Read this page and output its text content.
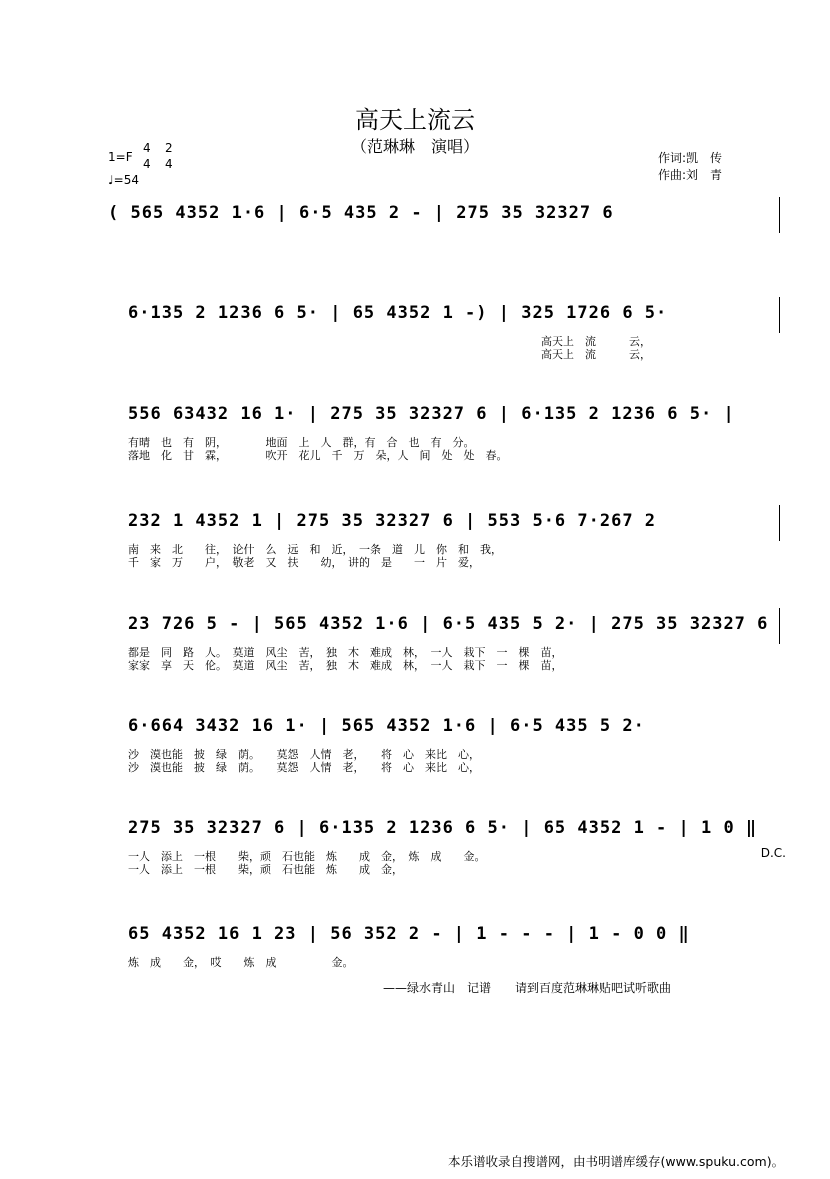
高天上流云
（范琳琳　演唱）
1=F
4
4
2
4
♩=54
作词:凯　传
作曲:刘　青
( 565 4352 1·6 | 6·5 435 2 - | 275 35 32327 6
6·135 2 1236 6 5· | 65 4352 1 -) | 325 1726 6 5·
高天上　流　　　云，
高天上　流　　　云，
556 63432 16 1· | 275 35 32327 6 | 6·135 2 1236 6 5· |
有晴　也　有　阴，　　　　地面　上　人　群，有　合　也　有　分。
落地　化　甘　霖，　　　　吹开　花儿　千　万　朵，人　间　处　处　春。
232 1 4352 1 | 275 35 32327 6 | 553 5·6 7·267 2
南　来　北　　往，　论什　么　远　和　近，　一条　道　儿　你　和　我，
千　家　万　　户，　敬老　又　扶　　幼，　讲的　是　　一　片　爱，
23 726 5 - | 565 4352 1·6 | 6·5 435 5 2· | 275 35 32327 6
都是　同　路　人。　莫道　风尘　苦，　独　木　难成　林，　一人　栽下　一　棵　苗，
家家　享　天　伦。　莫道　风尘　苦，　独　木　难成　林，　一人　栽下　一　棵　苗，
6·664 3432 16 1· | 565 4352 1·6 | 6·5 435 5 2·
沙　漠也能　披　绿　荫。　　莫怨　人情　老，　　将　心　来比　心，
沙　漠也能　披　绿　荫。　　莫怨　人情　老，　　将　心　来比　心，
275 35 32327 6 | 6·135 2 1236 6 5· | 65 4352 1 - | 1 0 ‖
一人　添上　一根　　柴，顽　石也能　炼　　成　金，　炼　成　　金。
一人　添上　一根　　柴，顽　石也能　炼　　成　金，
D.C.
65 4352 16 1 23 | 56 352 2 - | 1 - - - | 1 - 0 0 ‖
炼　成　　金，　哎　　炼　成　　　　　金。
——绿水青山　记谱　　请到百度范琳琳贴吧试听歌曲
本乐谱收录自搜谱网，由书明谱库缓存(www.spuku.com)。
